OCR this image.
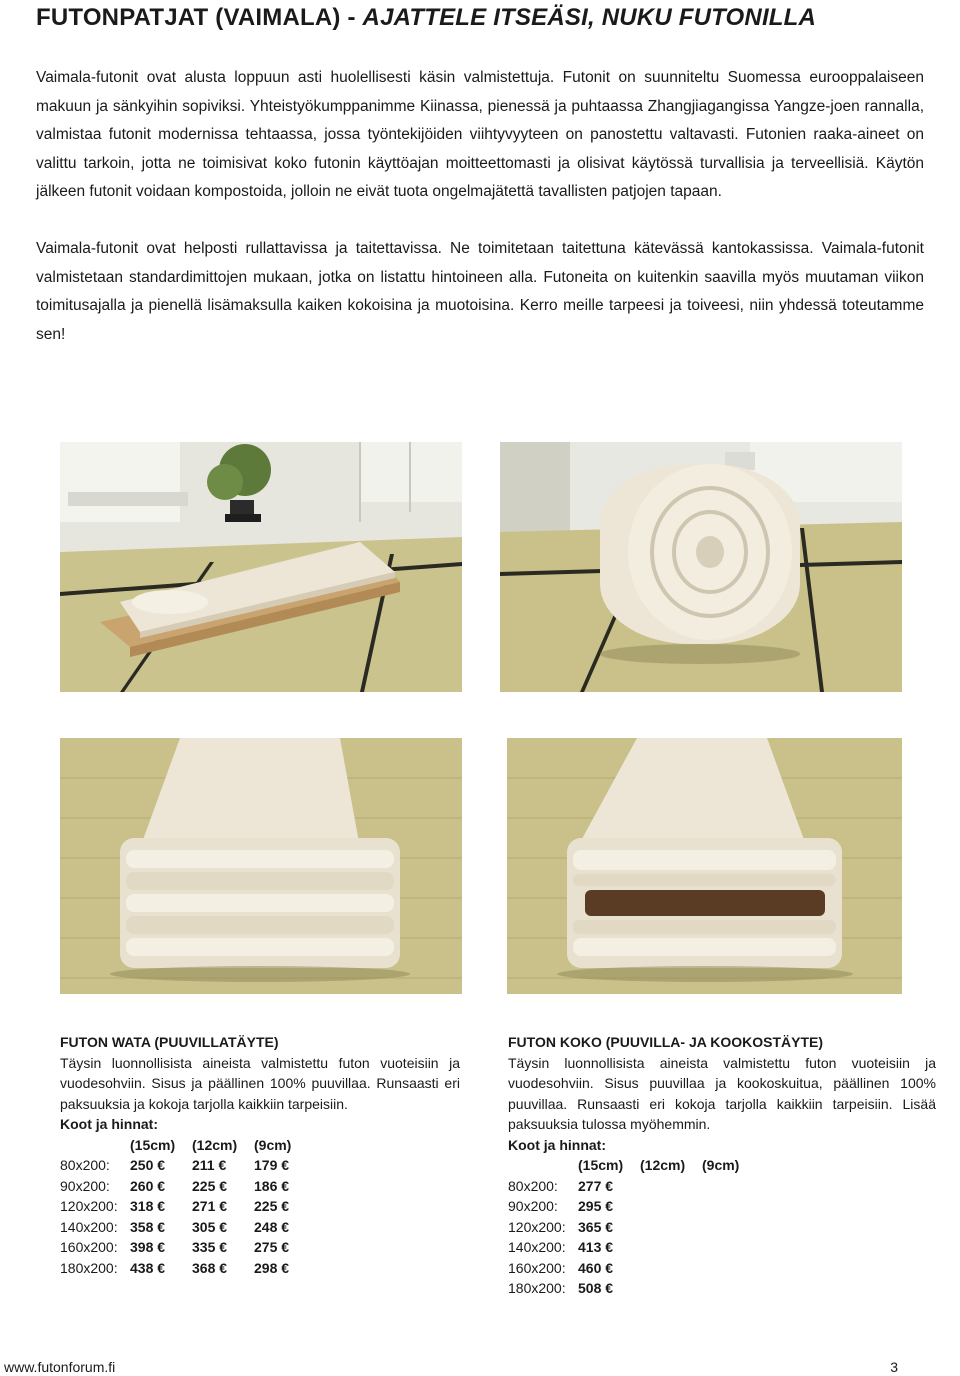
FUTONPATJAT (VAIMALA) - AJATTELE ITSEÄSI, NUKU FUTONILLA

Vaimala-futonit ovat alusta loppuun asti huolellisesti käsin valmistettuja. Futonit on suunniteltu Suomessa eurooppalaiseen makuun ja sänkyihin sopiviksi. Yhteistyökumppanimme Kiinassa, pienessä ja puhtaassa Zhangjiagangissa Yangze-joen rannalla, valmistaa futonit modernissa tehtaassa, jossa työntekijöiden viihtyvyyteen on panostettu valtavasti. Futonien raaka-aineet on valittu tarkoin, jotta ne toimisivat koko futonin käyttöajan moitteettomasti ja olisivat käytössä turvallisia ja terveellisiä. Käytön jälkeen futonit voidaan kompostoida, jolloin ne eivät tuota ongelmajätettä tavallisten patjojen tapaan.

Vaimala-futonit ovat helposti rullattavissa ja taitettavissa. Ne toimitetaan taitettuna kätevässä kantokassissa. Vaimala-futonit valmistetaan standardimittojen mukaan, jotka on listattu hintoineen alla. Futoneita on kuitenkin saavilla myös muutaman viikon toimitusajalla ja pienellä lisämaksulla kaiken kokoisina ja muotoisina. Kerro meille tarpeesi ja toiveesi, niin yhdessä toteutamme sen!

FUTON WATA (PUUVILLATÄYTE)

Täysin luonnollisista aineista valmistettu futon vuoteisiin ja vuodesohviin. Sisus ja päällinen 100% puuvillaa. Runsaasti eri paksuuksia ja kokoja tarjolla kaikkiin tarpeisiin.

Koot ja hinnat:
	(15cm)	(12cm)	(9cm)
80x200:	250 €	211 €	179 €
90x200:	260 €	225 €	186 €
120x200:	318 €	271 €	225 €
140x200:	358 €	305 €	248 €
160x200:	398 €	335 €	275 €
180x200:	438 €	368 €	298 €
FUTON KOKO (PUUVILLA- JA KOOKOSTÄYTE)

Täysin luonnollisista aineista valmistettu futon vuoteisiin ja vuodesohviin. Sisus puuvillaa ja kookoskuitua, päällinen 100% puuvillaa. Runsaasti eri kokoja tarjolla kaikkiin tarpeisiin. Lisää paksuuksia tulossa myöhemmin.

Koot ja hinnat:
	(15cm)	(12cm)	(9cm)
80x200:	277 €		
90x200:	295 €		
120x200:	365 €		
140x200:	413 €		
160x200:	460 €		
180x200:	508 €		
www.futonforum.fi	3
